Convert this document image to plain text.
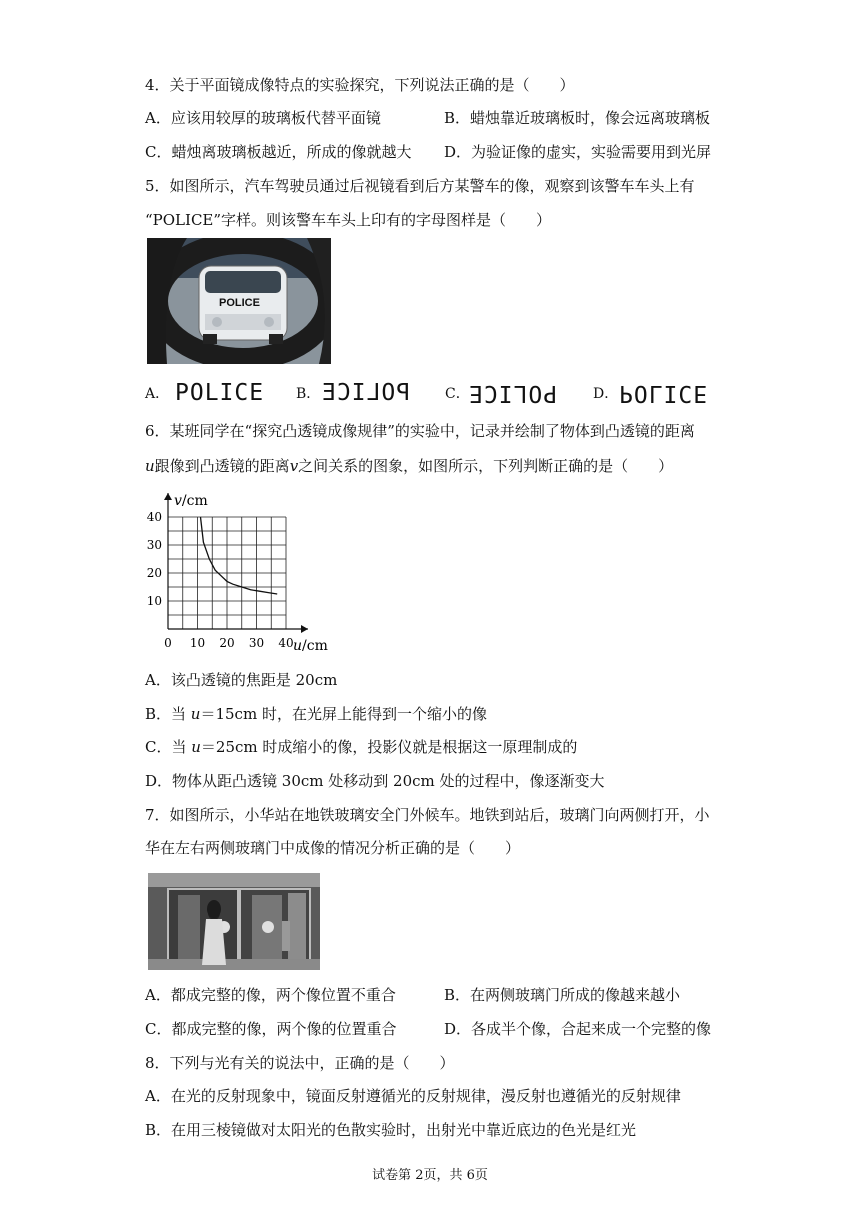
4．关于平面镜成像特点的实验探究，下列说法正确的是（　　）
A．应该用较厚的玻璃板代替平面镜	B．蜡烛靠近玻璃板时，像会远离玻璃板
C．蜡烛离玻璃板越近，所成的像就越大 D．为验证像的虚实，实验需要用到光屏
5．如图所示，汽车驾驶员通过后视镜看到后方某警车的像，观察到该警车车头上有
“POLICE”字样。则该警车车头上印有的字母图样是（　　）
POLICE
A． POLICE B． POLICE C．
POLICE	D． POLICE
6．某班同学在“探究凸透镜成像规律”的实验中，记录并绘制了物体到凸透镜的距离
u跟像到凸透镜的距离v之间关系的图象，如图所示，下列判断正确的是（　　）
0 10 20 30 40
10
20
30
40
v/cm
u/cm
A．该凸透镜的焦距是 20cm
B．当 u＝15cm 时，在光屏上能得到一个缩小的像
C．当 u＝25cm 时成缩小的像，投影仪就是根据这一原理制成的
D．物体从距凸透镜 30cm 处移动到 20cm 处的过程中，像逐渐变大
7．如图所示，小华站在地铁玻璃安全门外候车。地铁到站后，玻璃门向两侧打开，小
华在左右两侧玻璃门中成像的情况分析正确的是（　　）
A．都成完整的像，两个像位置不重合	B．在两侧玻璃门所成的像越来越小
C．都成完整的像，两个像的位置重合	D．各成半个像，合起来成一个完整的像
8．下列与光有关的说法中，正确的是（　　）
A．在光的反射现象中，镜面反射遵循光的反射规律，漫反射也遵循光的反射规律
B．在用三棱镜做对太阳光的色散实验时，出射光中靠近底边的色光是红光
试卷第 2页，共 6页
